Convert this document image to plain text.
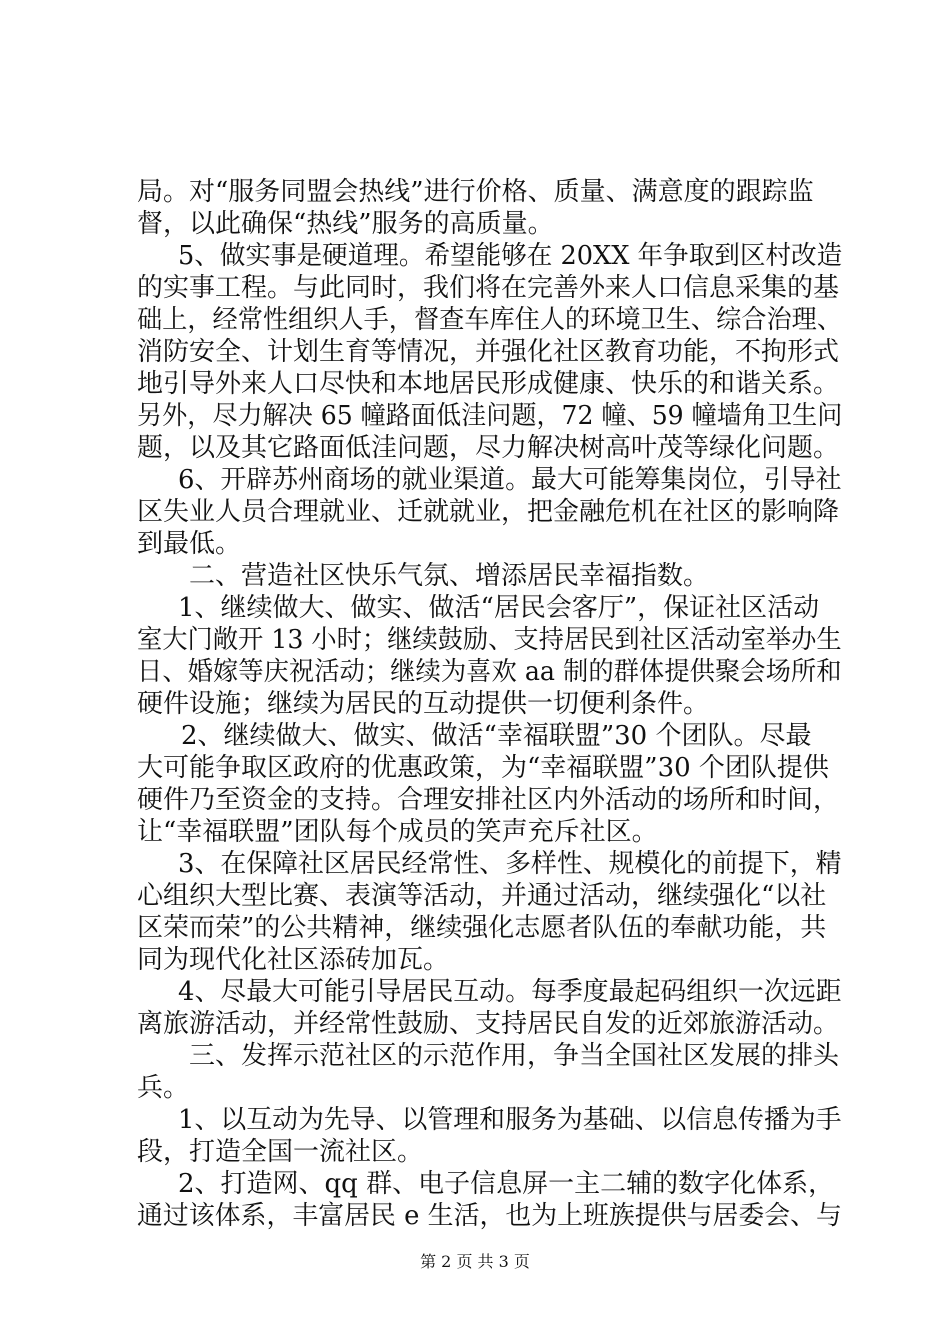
局。对“服务同盟会热线”进行价格、质量、满意度的跟踪监
督，以此确保“热线”服务的高质量。
5、做实事是硬道理。希望能够在 20XX 年争取到区村改造
的实事工程。与此同时，我们将在完善外来人口信息采集的基
础上，经常性组织人手，督查车库住人的环境卫生、综合治理、
消防安全、计划生育等情况，并强化社区教育功能，不拘形式
地引导外来人口尽快和本地居民形成健康、快乐的和谐关系。
另外，尽力解决 65 幢路面低洼问题，72 幢、59 幢墙角卫生问
题，以及其它路面低洼问题，尽力解决树高叶茂等绿化问题。
6、开辟苏州商场的就业渠道。最大可能筹集岗位，引导社
区失业人员合理就业、迁就就业，把金融危机在社区的影响降
到最低。
二、营造社区快乐气氛、增添居民幸福指数。
1、继续做大、做实、做活“居民会客厅”，保证社区活动
室大门敞开 13 小时；继续鼓励、支持居民到社区活动室举办生
日、婚嫁等庆祝活动；继续为喜欢 aa 制的群体提供聚会场所和
硬件设施；继续为居民的互动提供一切便利条件。
2、继续做大、做实、做活“幸福联盟”30 个团队。尽最
大可能争取区政府的优惠政策，为“幸福联盟”30 个团队提供
硬件乃至资金的支持。合理安排社区内外活动的场所和时间，
让“幸福联盟”团队每个成员的笑声充斥社区。
3、在保障社区居民经常性、多样性、规模化的前提下，精
心组织大型比赛、表演等活动，并通过活动，继续强化“以社
区荣而荣”的公共精神，继续强化志愿者队伍的奉献功能，共
同为现代化社区添砖加瓦。
4、尽最大可能引导居民互动。每季度最起码组织一次远距
离旅游活动，并经常性鼓励、支持居民自发的近郊旅游活动。
三、发挥示范社区的示范作用，争当全国社区发展的排头
兵。
1、以互动为先导、以管理和服务为基础、以信息传播为手
段，打造全国一流社区。
2、打造网、qq 群、电子信息屏一主二辅的数字化体系，
通过该体系，丰富居民 e 生活，也为上班族提供与居委会、与
第 2 页 共 3 页
